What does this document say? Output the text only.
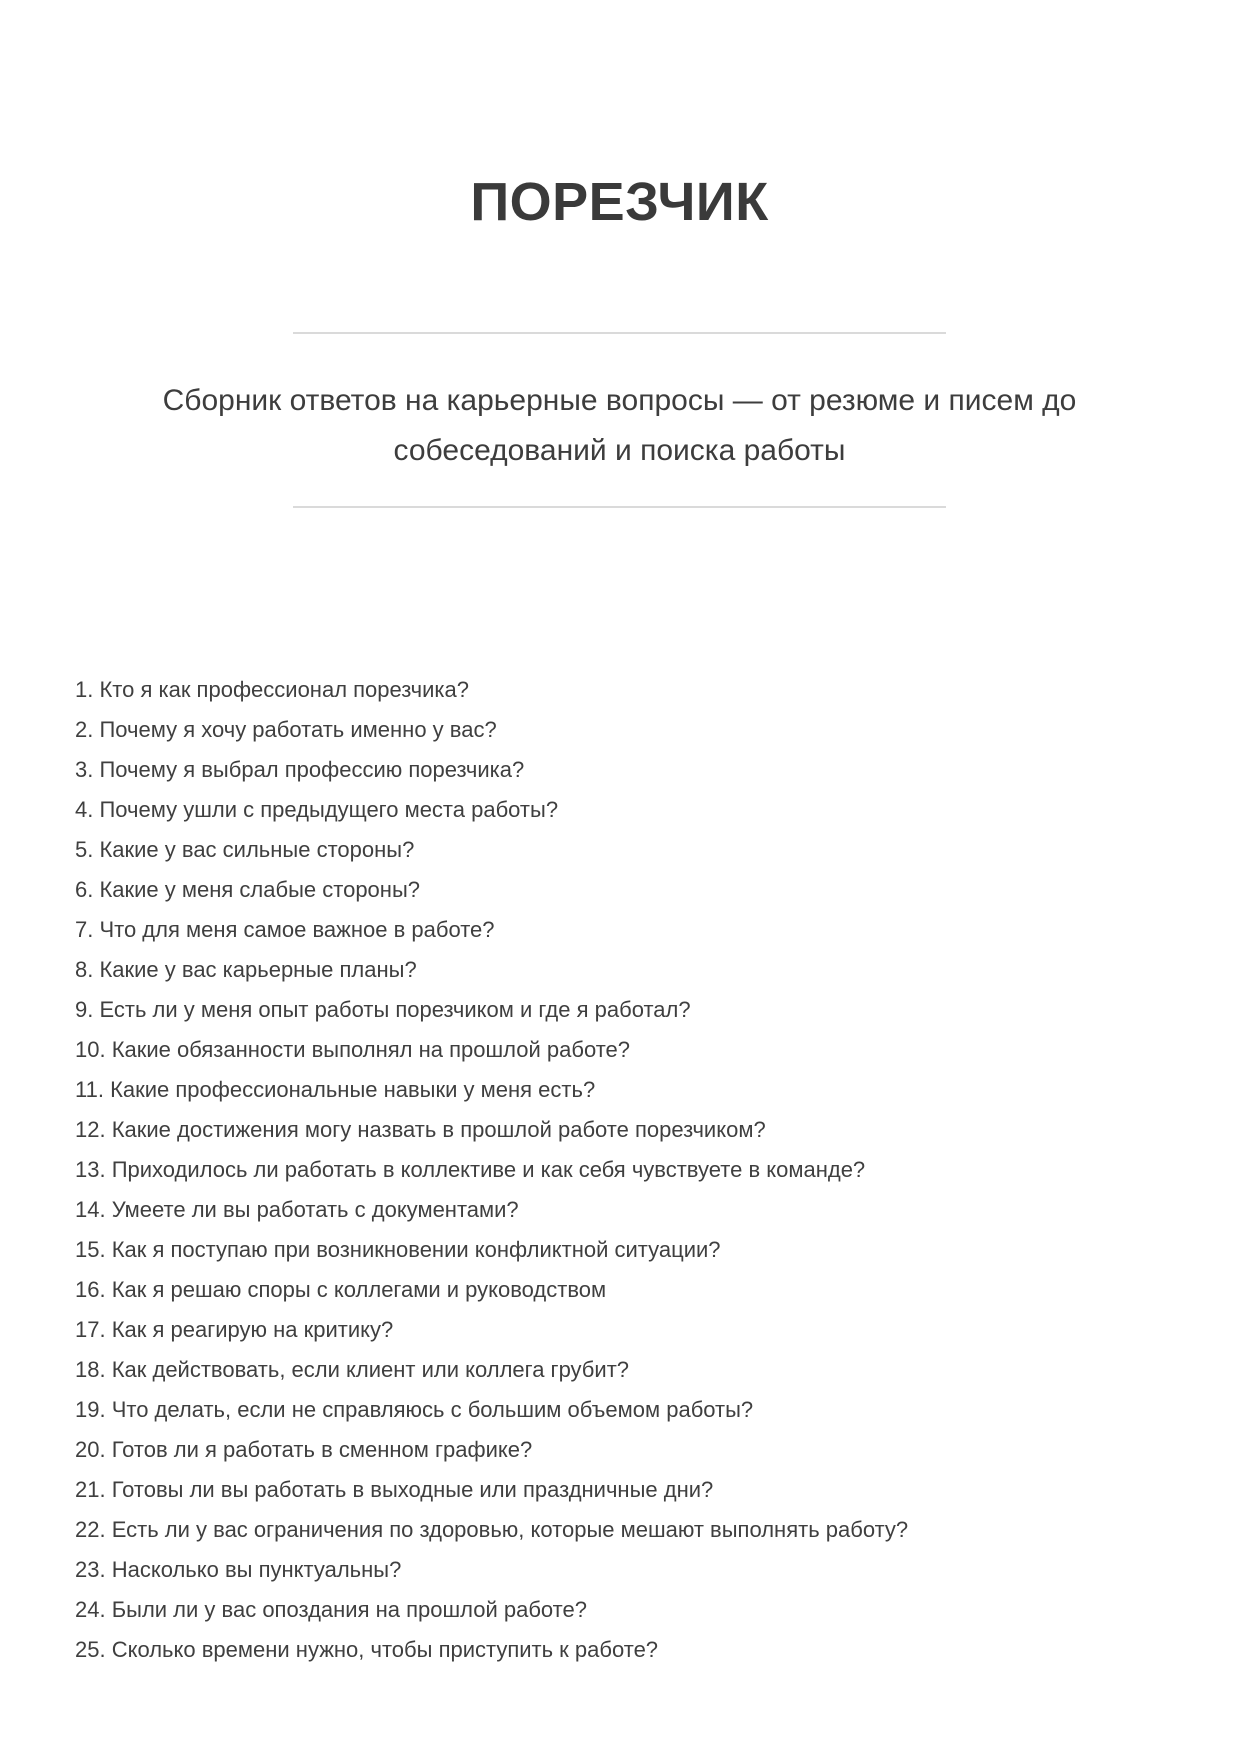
ПОРЕЗЧИК

Сборник ответов на карьерные вопросы — от резюме и писем до
собеседований и поиска работы

1. Кто я как профессионал порезчика?
2. Почему я хочу работать именно у вас?
3. Почему я выбрал профессию порезчика?
4. Почему ушли с предыдущего места работы?
5. Какие у вас сильные стороны?
6. Какие у меня слабые стороны?
7. Что для меня самое важное в работе?
8. Какие у вас карьерные планы?
9. Есть ли у меня опыт работы порезчиком и где я работал?
10. Какие обязанности выполнял на прошлой работе?
11. Какие профессиональные навыки у меня есть?
12. Какие достижения могу назвать в прошлой работе порезчиком?
13. Приходилось ли работать в коллективе и как себя чувствуете в команде?
14. Умеете ли вы работать с документами?
15. Как я поступаю при возникновении конфликтной ситуации?
16. Как я решаю споры с коллегами и руководством
17. Как я реагирую на критику?
18. Как действовать, если клиент или коллега грубит?
19. Что делать, если не справляюсь с большим объемом работы?
20. Готов ли я работать в сменном графике?
21. Готовы ли вы работать в выходные или праздничные дни?
22. Есть ли у вас ограничения по здоровью, которые мешают выполнять работу?
23. Насколько вы пунктуальны?
24. Были ли у вас опоздания на прошлой работе?
25. Сколько времени нужно, чтобы приступить к работе?
